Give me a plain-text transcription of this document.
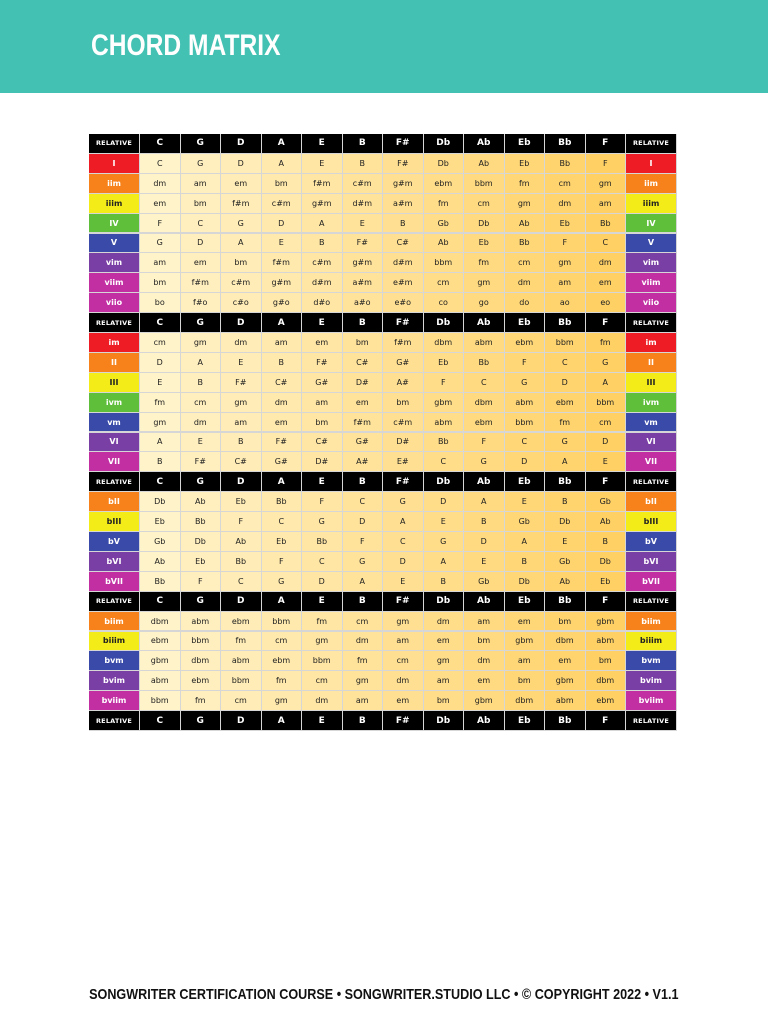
CHORD MATRIX
RELATIVE	C	G	D	A	E	B	F#	Db	Ab	Eb	Bb	F	RELATIVE
I	C	G	D	A	E	B	F#	Db	Ab	Eb	Bb	F	I
iim	dm	am	em	bm	f#m	c#m	g#m	ebm	bbm	fm	cm	gm	iim
iiim	em	bm	f#m	c#m	g#m	d#m	a#m	fm	cm	gm	dm	am	iiim
IV	F	C	G	D	A	E	B	Gb	Db	Ab	Eb	Bb	IV
V	G	D	A	E	B	F#	C#	Ab	Eb	Bb	F	C	V
vim	am	em	bm	f#m	c#m	g#m	d#m	bbm	fm	cm	gm	dm	vim
viim	bm	f#m	c#m	g#m	d#m	a#m	e#m	cm	gm	dm	am	em	viim
viio	bo	f#o	c#o	g#o	d#o	a#o	e#o	co	go	do	ao	eo	viio
RELATIVE	C	G	D	A	E	B	F#	Db	Ab	Eb	Bb	F	RELATIVE
im	cm	gm	dm	am	em	bm	f#m	dbm	abm	ebm	bbm	fm	im
II	D	A	E	B	F#	C#	G#	Eb	Bb	F	C	G	II
III	E	B	F#	C#	G#	D#	A#	F	C	G	D	A	III
ivm	fm	cm	gm	dm	am	em	bm	gbm	dbm	abm	ebm	bbm	ivm
vm	gm	dm	am	em	bm	f#m	c#m	abm	ebm	bbm	fm	cm	vm
VI	A	E	B	F#	C#	G#	D#	Bb	F	C	G	D	VI
VII	B	F#	C#	G#	D#	A#	E#	C	G	D	A	E	VII
RELATIVE	C	G	D	A	E	B	F#	Db	Ab	Eb	Bb	F	RELATIVE
bII	Db	Ab	Eb	Bb	F	C	G	D	A	E	B	Gb	bII
bIII	Eb	Bb	F	C	G	D	A	E	B	Gb	Db	Ab	bIII
bV	Gb	Db	Ab	Eb	Bb	F	C	G	D	A	E	B	bV
bVI	Ab	Eb	Bb	F	C	G	D	A	E	B	Gb	Db	bVI
bVII	Bb	F	C	G	D	A	E	B	Gb	Db	Ab	Eb	bVII
RELATIVE	C	G	D	A	E	B	F#	Db	Ab	Eb	Bb	F	RELATIVE
biim	dbm	abm	ebm	bbm	fm	cm	gm	dm	am	em	bm	gbm	biim
biiim	ebm	bbm	fm	cm	gm	dm	am	em	bm	gbm	dbm	abm	biiim
bvm	gbm	dbm	abm	ebm	bbm	fm	cm	gm	dm	am	em	bm	bvm
bvim	abm	ebm	bbm	fm	cm	gm	dm	am	em	bm	gbm	dbm	bvim
bviim	bbm	fm	cm	gm	dm	am	em	bm	gbm	dbm	abm	ebm	bviim
RELATIVE	C	G	D	A	E	B	F#	Db	Ab	Eb	Bb	F	RELATIVE
SONGWRITER CERTIFICATION COURSE • SONGWRITER.STUDIO LLC • © COPYRIGHT 2022 • V1.1
